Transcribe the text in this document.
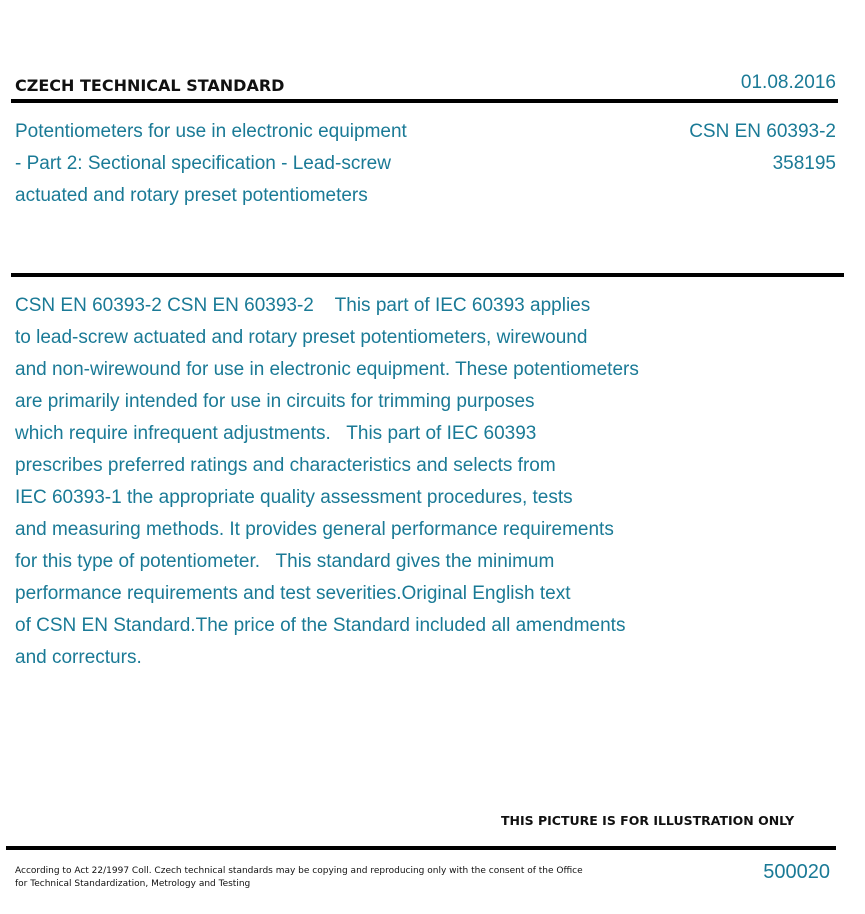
CZECH TECHNICAL STANDARD	01.08.2016
Potentiometers for use in electronic equipment
- Part 2: Sectional specification - Lead-screw
actuated and rotary preset potentiometers
CSN EN 60393-2
358195
CSN EN 60393-2 CSN EN 60393-2    This part of IEC 60393 applies
to lead-screw actuated and rotary preset potentiometers, wirewound
and non-wirewound for use in electronic equipment. These potentiometers
are primarily intended for use in circuits for trimming purposes
which require infrequent adjustments.   This part of IEC 60393
prescribes preferred ratings and characteristics and selects from
IEC 60393-1 the appropriate quality assessment procedures, tests
and measuring methods. It provides general performance requirements
for this type of potentiometer.   This standard gives the minimum
performance requirements and test severities.Original English text
of CSN EN Standard.The price of the Standard included all amendments
and correcturs.
THIS PICTURE IS FOR ILLUSTRATION ONLY
According to Act 22/1997 Coll. Czech technical standards may be copying and reproducing only with the consent of the Office
for Technical Standardization, Metrology and Testing
500020
